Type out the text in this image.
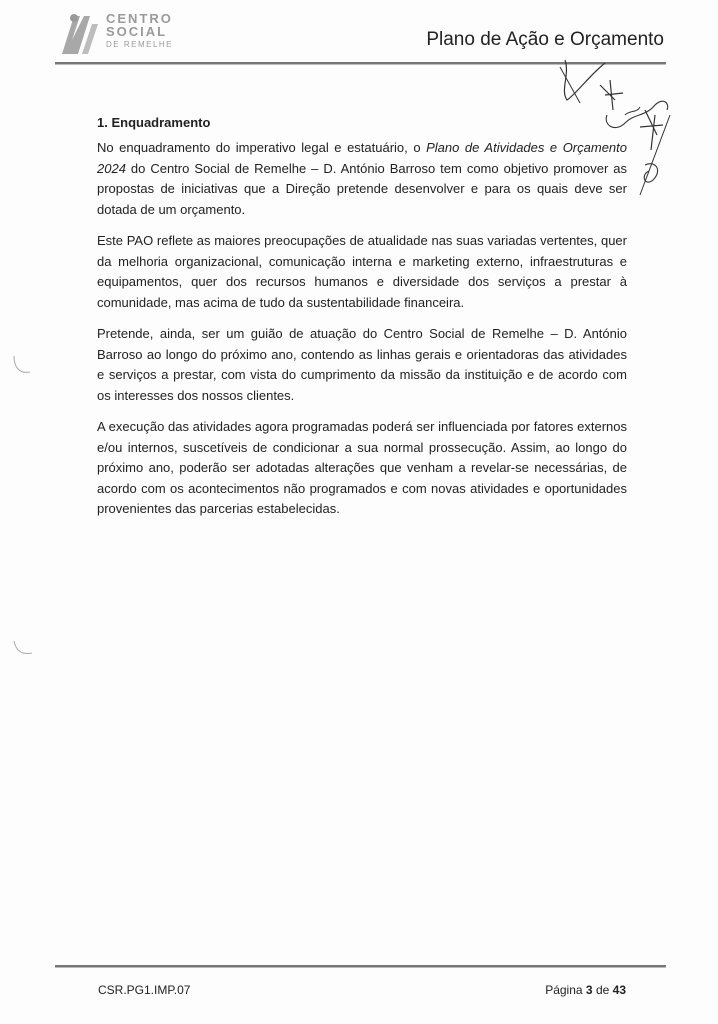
CENTRO
SOCIAL
DE REMELHE	Plano de Ação e Orçamento
1. Enquadramento

No enquadramento do imperativo legal e estatuário, o Plano de Atividades e Orçamento 2024 do Centro Social de Remelhe – D. António Barroso tem como objetivo promover as propostas de iniciativas que a Direção pretende desenvolver e para os quais deve ser dotada de um orçamento.

Este PAO reflete as maiores preocupações de atualidade nas suas variadas vertentes, quer da melhoria organizacional, comunicação interna e marketing externo, infraestruturas e equipamentos, quer dos recursos humanos e diversidade dos serviços a prestar à comunidade, mas acima de tudo da sustentabilidade financeira.

Pretende, ainda, ser um guião de atuação do Centro Social de Remelhe – D. António Barroso ao longo do próximo ano, contendo as linhas gerais e orientadoras das atividades e serviços a prestar, com vista do cumprimento da missão da instituição e de acordo com os interesses dos nossos clientes.

A execução das atividades agora programadas poderá ser influenciada por fatores externos e/ou internos, suscetíveis de condicionar a sua normal prossecução. Assim, ao longo do próximo ano, poderão ser adotadas alterações que venham a revelar-se necessárias, de acordo com os acontecimentos não programados e com novas atividades e oportunidades provenientes das parcerias estabelecidas.

CSR.PG1.IMP.07	Página 3 de 43
